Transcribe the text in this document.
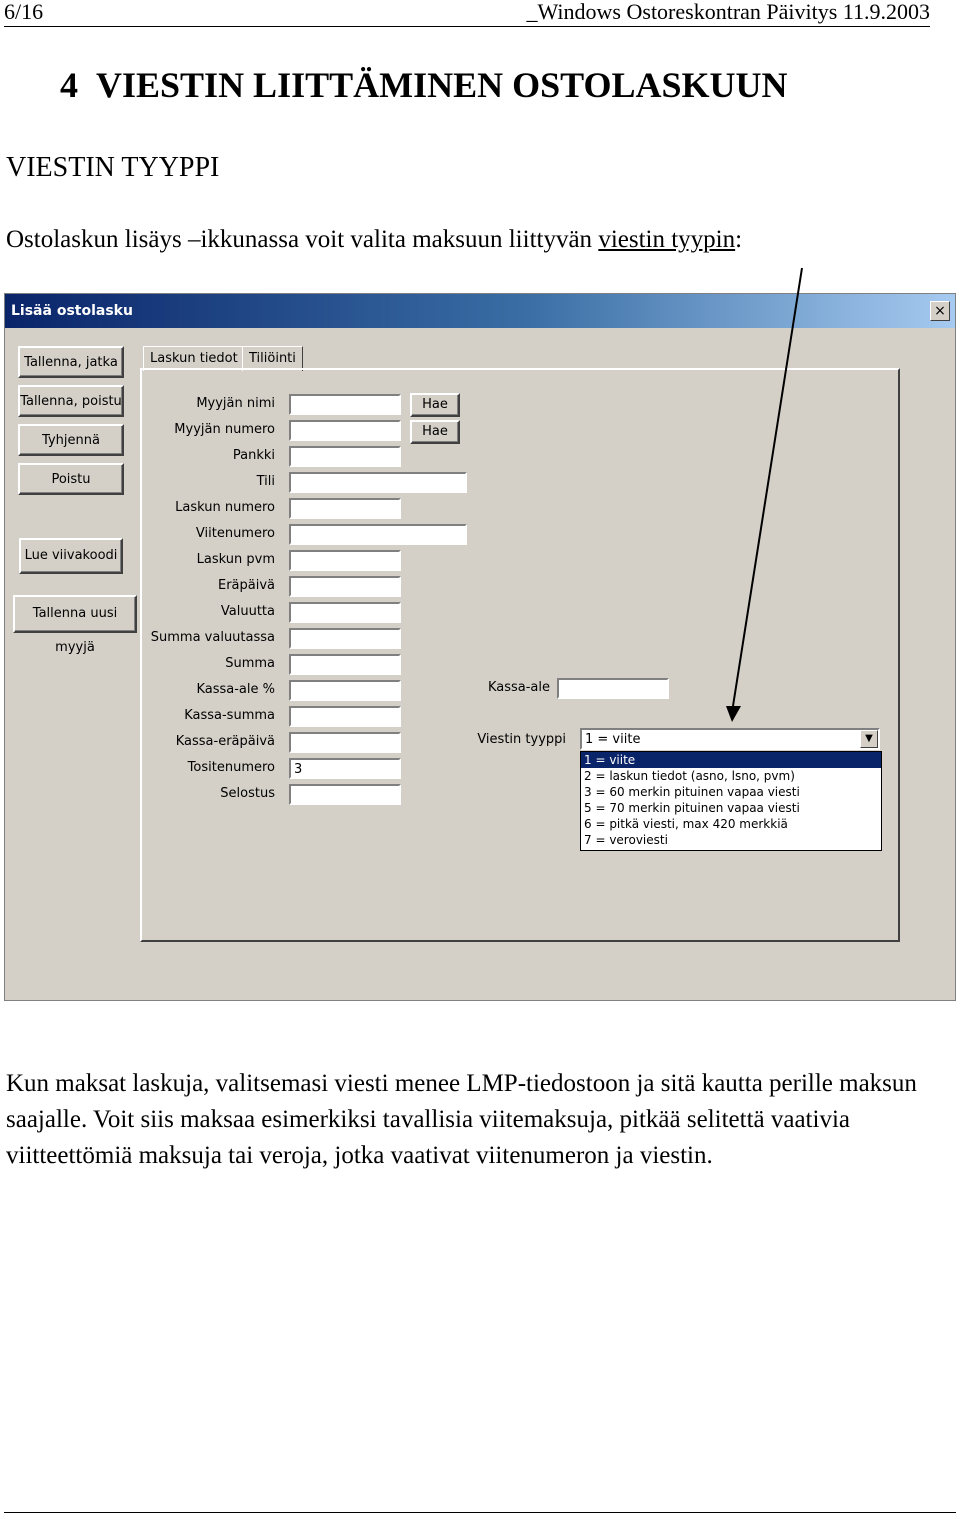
6/16	_Windows Ostoreskontran Päivitys 11.9.2003
4 VIESTIN LIITTÄMINEN OSTOLASKUUN
VIESTIN TYYPPI
Ostolaskun lisäys –ikkunassa voit valita maksuun liittyvän viestin tyypin:
Lisää ostolasku	×
Tallenna, jatka
Tallenna, poistu
Tyhjennä
Poistu
Lue viivakoodi
Tallenna uusi myyjä
Laskun tiedot Tiliöinti
Myyjän nimi	Hae
Myyjän numero	Hae
Pankki
Tili
Laskun numero
Viitenumero
Laskun pvm
Eräpäivä
Valuutta
Summa valuutassa
Summa
Kassa-ale %
Kassa-summa
Kassa-eräpäivä
Tositenumero	3
Selostus
Kassa-ale
Viestin tyyppi	1 = viite	▼
1 = viite
2 = laskun tiedot (asno, lsno, pvm)
3 = 60 merkin pituinen vapaa viesti
5 = 70 merkin pituinen vapaa viesti
6 = pitkä viesti, max 420 merkkiä
7 = veroviesti
Kun maksat laskuja, valitsemasi viesti menee LMP-tiedostoon ja sitä kautta perille maksun saajalle. Voit siis maksaa esimerkiksi tavallisia viitemaksuja, pitkää selitettä vaativia viitteettömiä maksuja tai veroja, jotka vaativat viitenumeron ja viestin.
